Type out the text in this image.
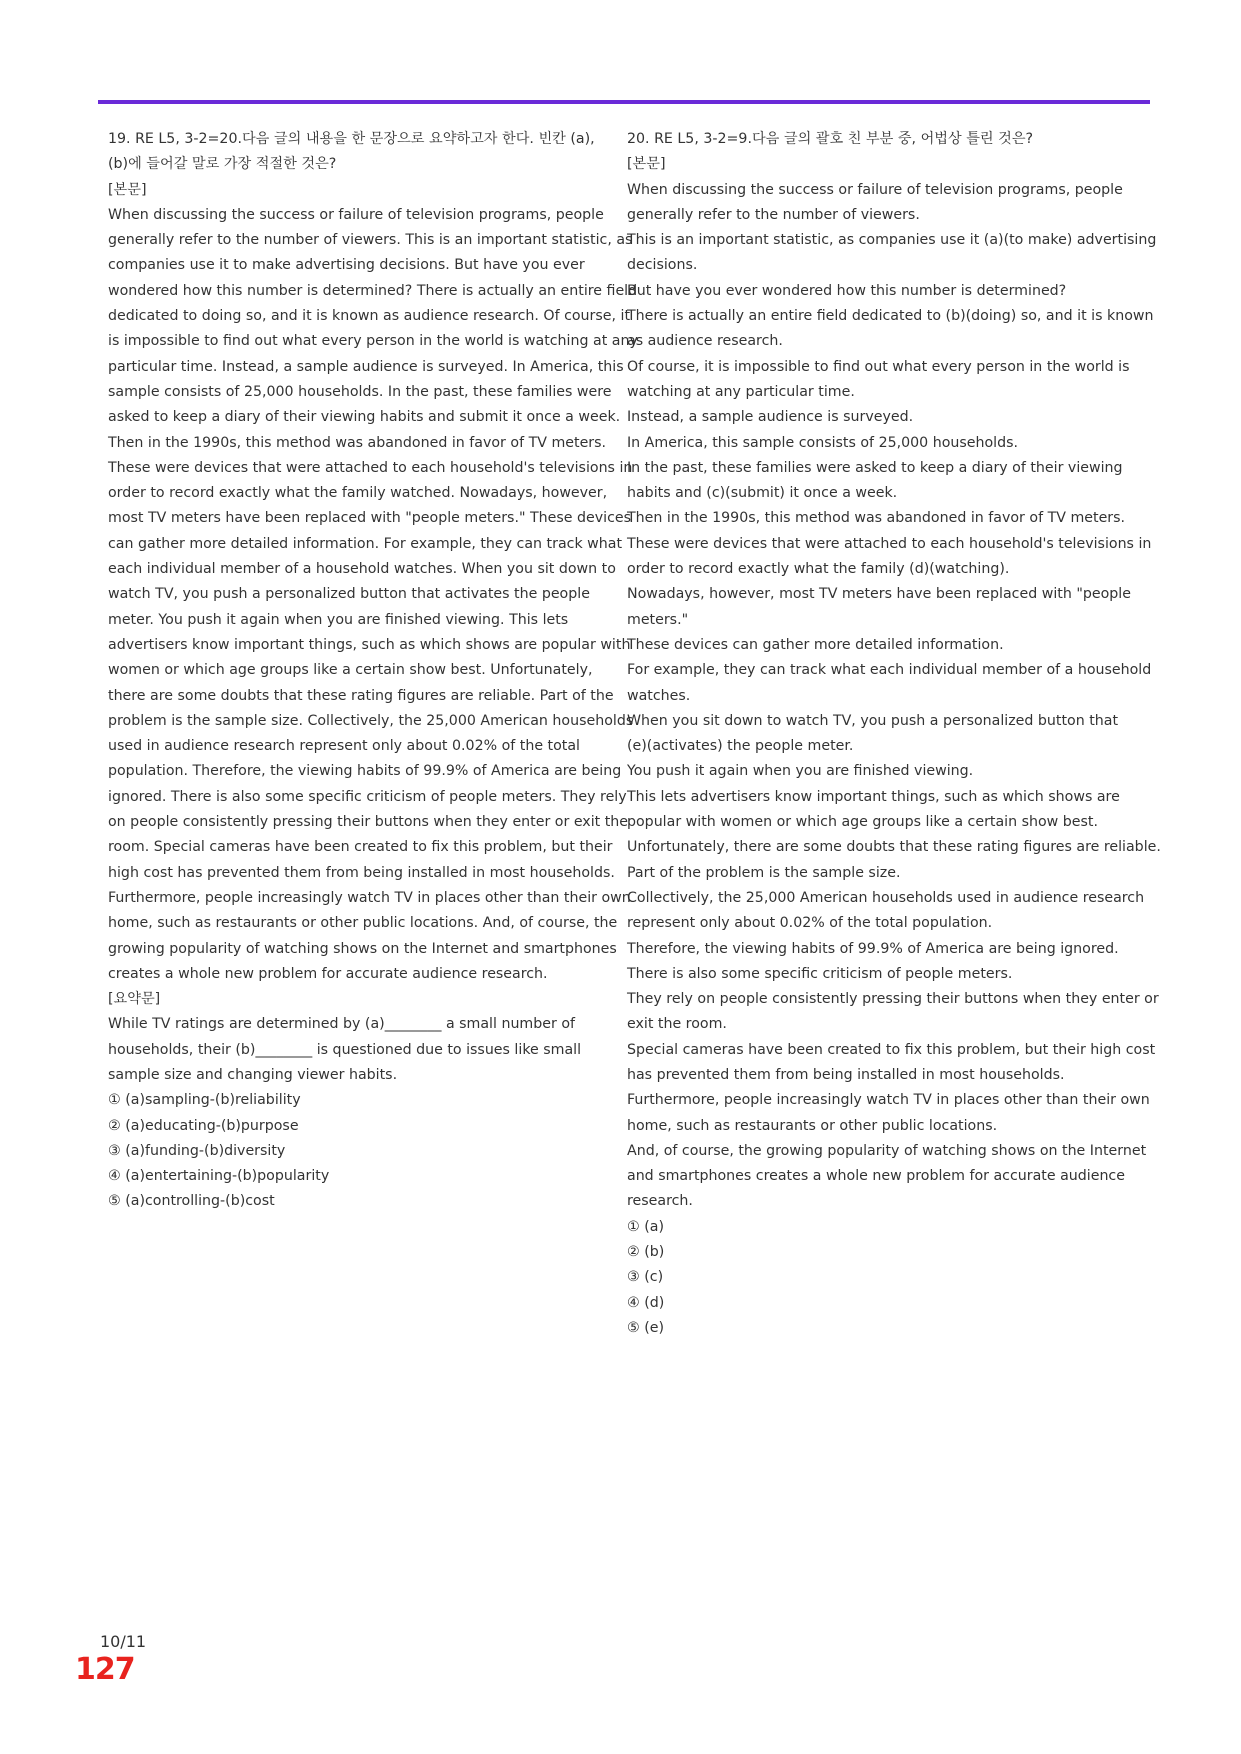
19. RE L5, 3-2=20.다음 글의 내용을 한 문장으로 요약하고자 한다. 빈칸 (a),
(b)에 들어갈 말로 가장 적절한 것은?
[본문]
When discussing the success or failure of television programs, people
generally refer to the number of viewers. This is an important statistic, as
companies use it to make advertising decisions. But have you ever
wondered how this number is determined? There is actually an entire field
dedicated to doing so, and it is known as audience research. Of course, it
is impossible to find out what every person in the world is watching at any
particular time. Instead, a sample audience is surveyed. In America, this
sample consists of 25,000 households. In the past, these families were
asked to keep a diary of their viewing habits and submit it once a week.
Then in the 1990s, this method was abandoned in favor of TV meters.
These were devices that were attached to each household's televisions in
order to record exactly what the family watched. Nowadays, however,
most TV meters have been replaced with "people meters." These devices
can gather more detailed information. For example, they can track what
each individual member of a household watches. When you sit down to
watch TV, you push a personalized button that activates the people
meter. You push it again when you are finished viewing. This lets
advertisers know important things, such as which shows are popular with
women or which age groups like a certain show best. Unfortunately,
there are some doubts that these rating figures are reliable. Part of the
problem is the sample size. Collectively, the 25,000 American households
used in audience research represent only about 0.02% of the total
population. Therefore, the viewing habits of 99.9% of America are being
ignored. There is also some specific criticism of people meters. They rely
on people consistently pressing their buttons when they enter or exit the
room. Special cameras have been created to fix this problem, but their
high cost has prevented them from being installed in most households.
Furthermore, people increasingly watch TV in places other than their own
home, such as restaurants or other public locations. And, of course, the
growing popularity of watching shows on the Internet and smartphones
creates a whole new problem for accurate audience research.
[요약문]
While TV ratings are determined by (a)________ a small number of
households, their (b)________ is questioned due to issues like small
sample size and changing viewer habits.
① (a)sampling-(b)reliability
② (a)educating-(b)purpose
③ (a)funding-(b)diversity
④ (a)entertaining-(b)popularity
⑤ (a)controlling-(b)cost
20. RE L5, 3-2=9.다음 글의 괄호 친 부분 중, 어법상 틀린 것은?
[본문]
When discussing the success or failure of television programs, people
generally refer to the number of viewers.
This is an important statistic, as companies use it (a)(to make) advertising
decisions.
But have you ever wondered how this number is determined?
There is actually an entire field dedicated to (b)(doing) so, and it is known
as audience research.
Of course, it is impossible to find out what every person in the world is
watching at any particular time.
Instead, a sample audience is surveyed.
In America, this sample consists of 25,000 households.
In the past, these families were asked to keep a diary of their viewing
habits and (c)(submit) it once a week.
Then in the 1990s, this method was abandoned in favor of TV meters.
These were devices that were attached to each household's televisions in
order to record exactly what the family (d)(watching).
Nowadays, however, most TV meters have been replaced with "people
meters."
These devices can gather more detailed information.
For example, they can track what each individual member of a household
watches.
When you sit down to watch TV, you push a personalized button that
(e)(activates) the people meter.
You push it again when you are finished viewing.
This lets advertisers know important things, such as which shows are
popular with women or which age groups like a certain show best.
Unfortunately, there are some doubts that these rating figures are reliable.
Part of the problem is the sample size.
Collectively, the 25,000 American households used in audience research
represent only about 0.02% of the total population.
Therefore, the viewing habits of 99.9% of America are being ignored.
There is also some specific criticism of people meters.
They rely on people consistently pressing their buttons when they enter or
exit the room.
Special cameras have been created to fix this problem, but their high cost
has prevented them from being installed in most households.
Furthermore, people increasingly watch TV in places other than their own
home, such as restaurants or other public locations.
And, of course, the growing popularity of watching shows on the Internet
and smartphones creates a whole new problem for accurate audience
research.
① (a)
② (b)
③ (c)
④ (d)
⑤ (e)
10/11
127
